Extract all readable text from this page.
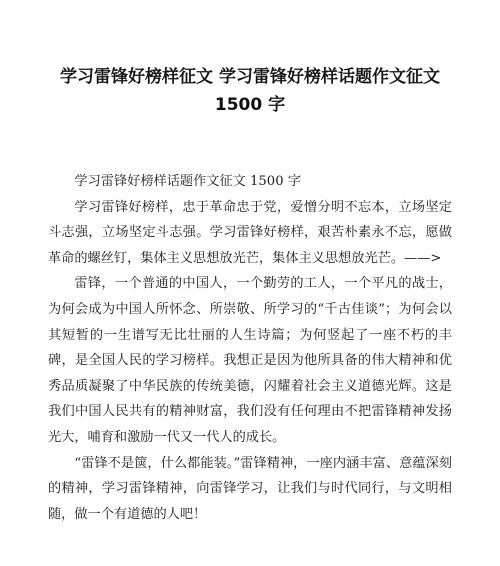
学习雷锋好榜样征文 学习雷锋好榜样话题作文征文 1500 字

学习雷锋好榜样话题作文征文 1500 字

学习雷锋好榜样，忠于革命忠于党，爱憎分明不忘本，立场坚定斗志强，立场坚定斗志强。学习雷锋好榜样，艰苦朴素永不忘，愿做革命的螺丝钉，集体主义思想放光芒，集体主义思想放光芒。——>

雷锋，一个普通的中国人，一个勤劳的工人，一个平凡的战士，为何会成为中国人所怀念、所崇敬、所学习的“千古佳谈”；为何会以其短暂的一生谱写无比壮丽的人生诗篇；为何竖起了一座不朽的丰碑，是全国人民的学习榜样。我想正是因为他所具备的伟大精神和优秀品质凝聚了中华民族的传统美德，闪耀着社会主义道德光辉。这是我们中国人民共有的精神财富，我们没有任何理由不把雷锋精神发扬光大，哺育和激励一代又一代人的成长。

“雷锋不是箧，什么都能装。”雷锋精神，一座内涵丰富、意蕴深刻的精神，学习雷锋精神，向雷锋学习，让我们与时代同行，与文明相随，做一个有道德的人吧！
